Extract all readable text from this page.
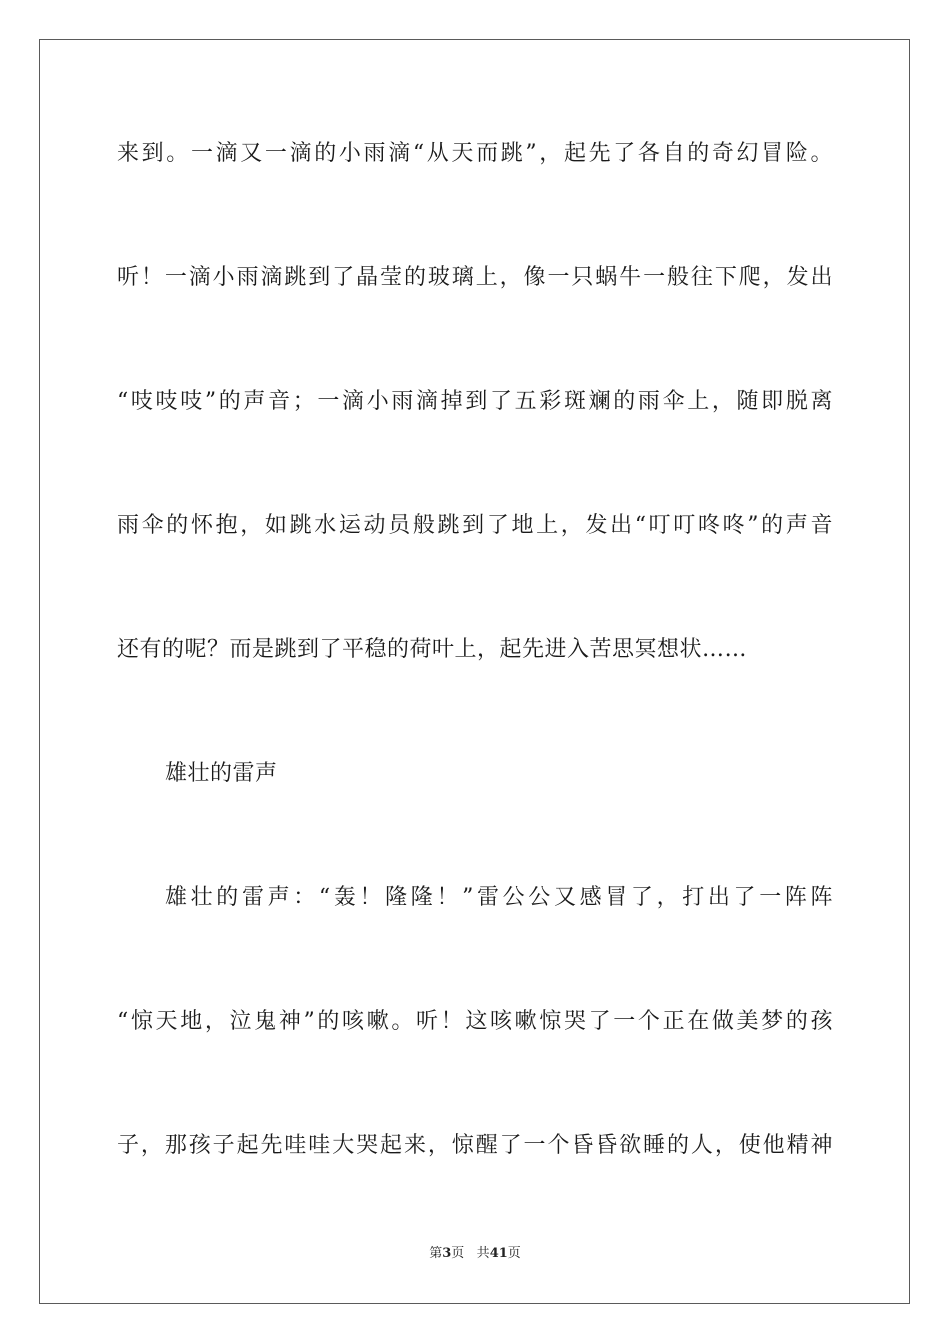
来到。一滴又一滴的小雨滴“从天而跳”，起先了各自的奇幻冒险。
听！一滴小雨滴跳到了晶莹的玻璃上，像一只蜗牛一般往下爬，发出
“吱吱吱”的声音；一滴小雨滴掉到了五彩斑斓的雨伞上，随即脱离
雨伞的怀抱，如跳水运动员般跳到了地上，发出“叮叮咚咚”的声音
还有的呢？而是跳到了平稳的荷叶上，起先进入苦思冥想状……
雄壮的雷声
雄壮的雷声：“轰！隆隆！”雷公公又感冒了，打出了一阵阵
“惊天地，泣鬼神”的咳嗽。听！这咳嗽惊哭了一个正在做美梦的孩
子，那孩子起先哇哇大哭起来，惊醒了一个昏昏欲睡的人，使他精神
第3页 共41页
